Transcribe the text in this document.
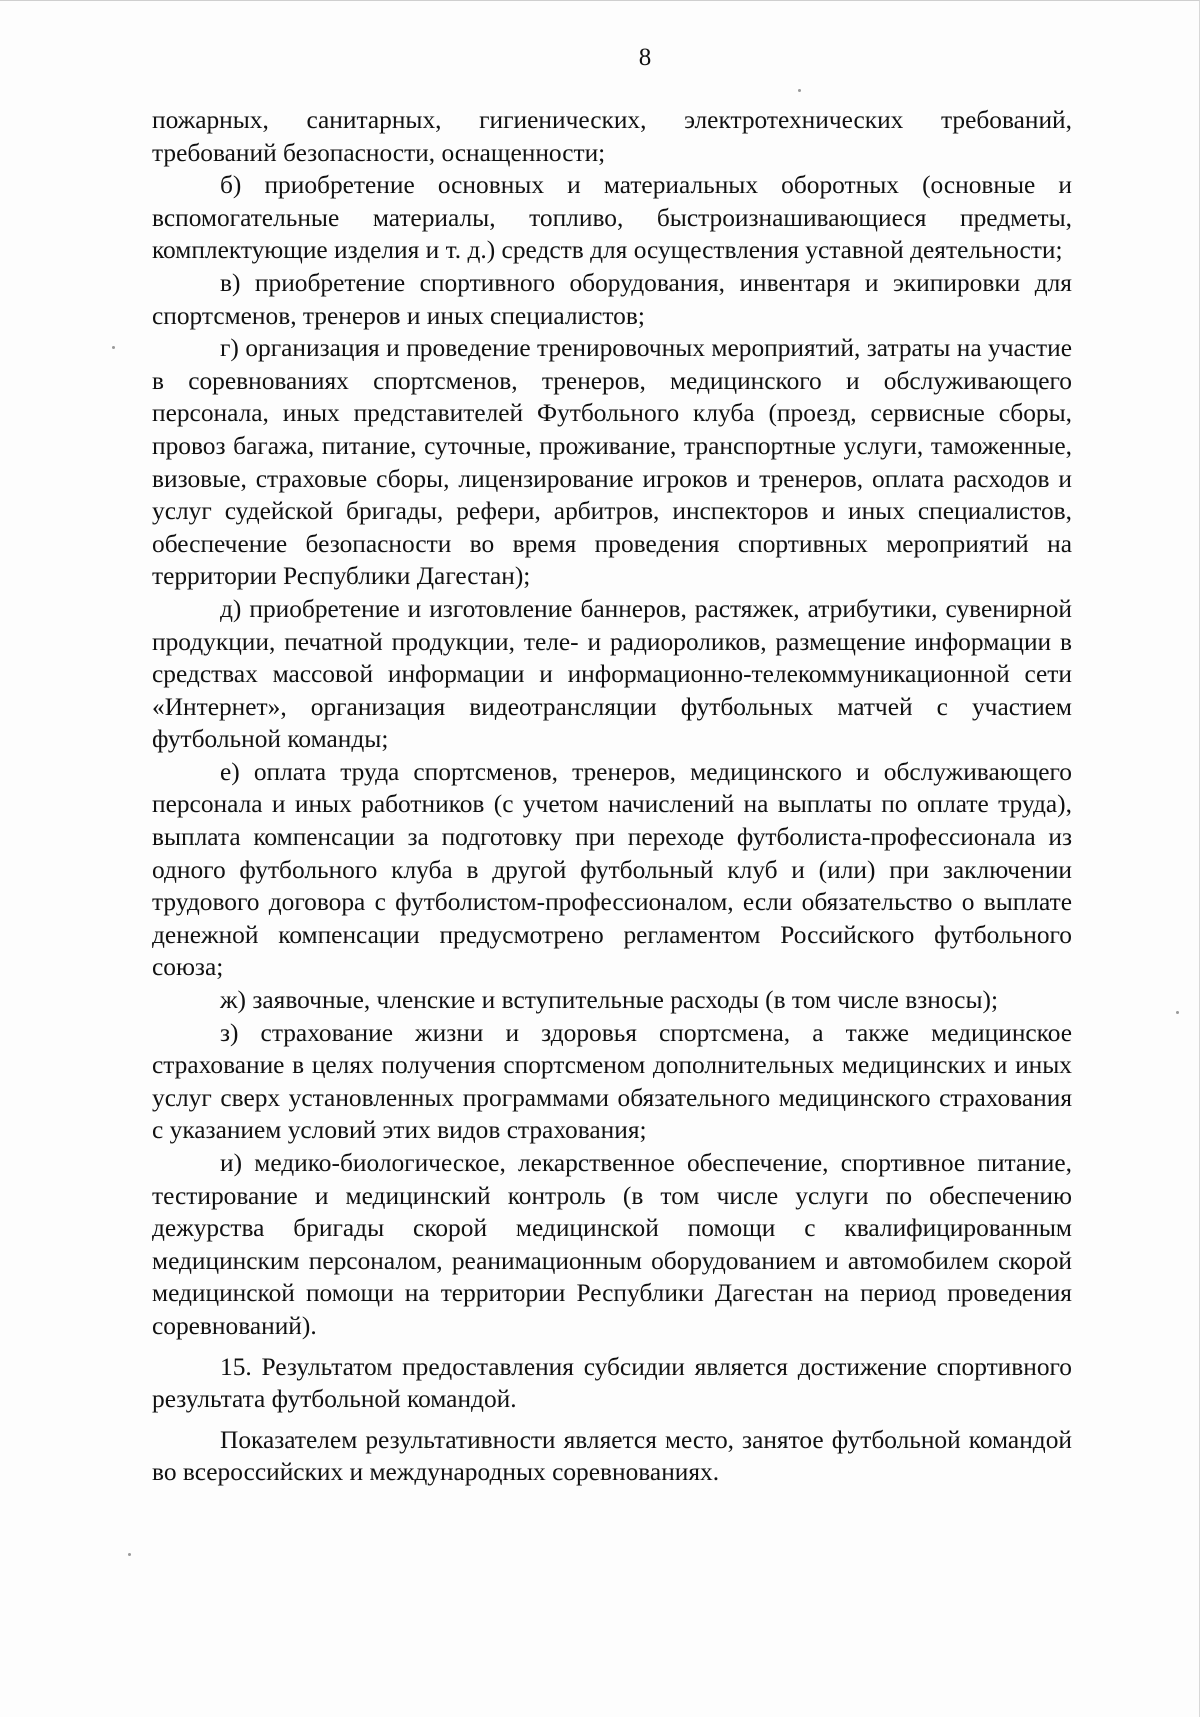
8

пожарных, санитарных, гигиенических, электротехнических требований, требований безопасности, оснащенности;

б) приобретение основных и материальных оборотных (основные и вспомогательные материалы, топливо, быстроизнашивающиеся предметы, комплектующие изделия и т. д.) средств для осуществления уставной деятельности;

в) приобретение спортивного оборудования, инвентаря и экипировки для спортсменов, тренеров и иных специалистов;

г) организация и проведение тренировочных мероприятий, затраты на участие в соревнованиях спортсменов, тренеров, медицинского и обслуживающего персонала, иных представителей Футбольного клуба (проезд, сервисные сборы, провоз багажа, питание, суточные, проживание, транспортные услуги, таможенные, визовые, страховые сборы, лицензирование игроков и тренеров, оплата расходов и услуг судейской бригады, рефери, арбитров, инспекторов и иных специалистов, обеспечение безопасности во время проведения спортивных мероприятий на территории Республики Дагестан);

д) приобретение и изготовление баннеров, растяжек, атрибутики, сувенирной продукции, печатной продукции, теле- и радиороликов, размещение информации в средствах массовой информации и информационно-телекоммуникационной сети «Интернет», организация видеотрансляции футбольных матчей с участием футбольной команды;

е) оплата труда спортсменов, тренеров, медицинского и обслуживающего персонала и иных работников (с учетом начислений на выплаты по оплате труда), выплата компенсации за подготовку при переходе футболиста-профессионала из одного футбольного клуба в другой футбольный клуб и (или) при заключении трудового договора с футболистом-профессионалом, если обязательство о выплате денежной компенсации предусмотрено регламентом Российского футбольного союза;

ж) заявочные, членские и вступительные расходы (в том числе взносы);

з) страхование жизни и здоровья спортсмена, а также медицинское страхование в целях получения спортсменом дополнительных медицинских и иных услуг сверх установленных программами обязательного медицинского страхования с указанием условий этих видов страхования;

и) медико-биологическое, лекарственное обеспечение, спортивное питание, тестирование и медицинский контроль (в том числе услуги по обеспечению дежурства бригады скорой медицинской помощи с квалифицированным медицинским персоналом, реанимационным оборудованием и автомобилем скорой медицинской помощи на территории Республики Дагестан на период проведения соревнований).

15. Результатом предоставления субсидии является достижение спортивного результата футбольной командой.

Показателем результативности является место, занятое футбольной командой во всероссийских и международных соревнованиях.
